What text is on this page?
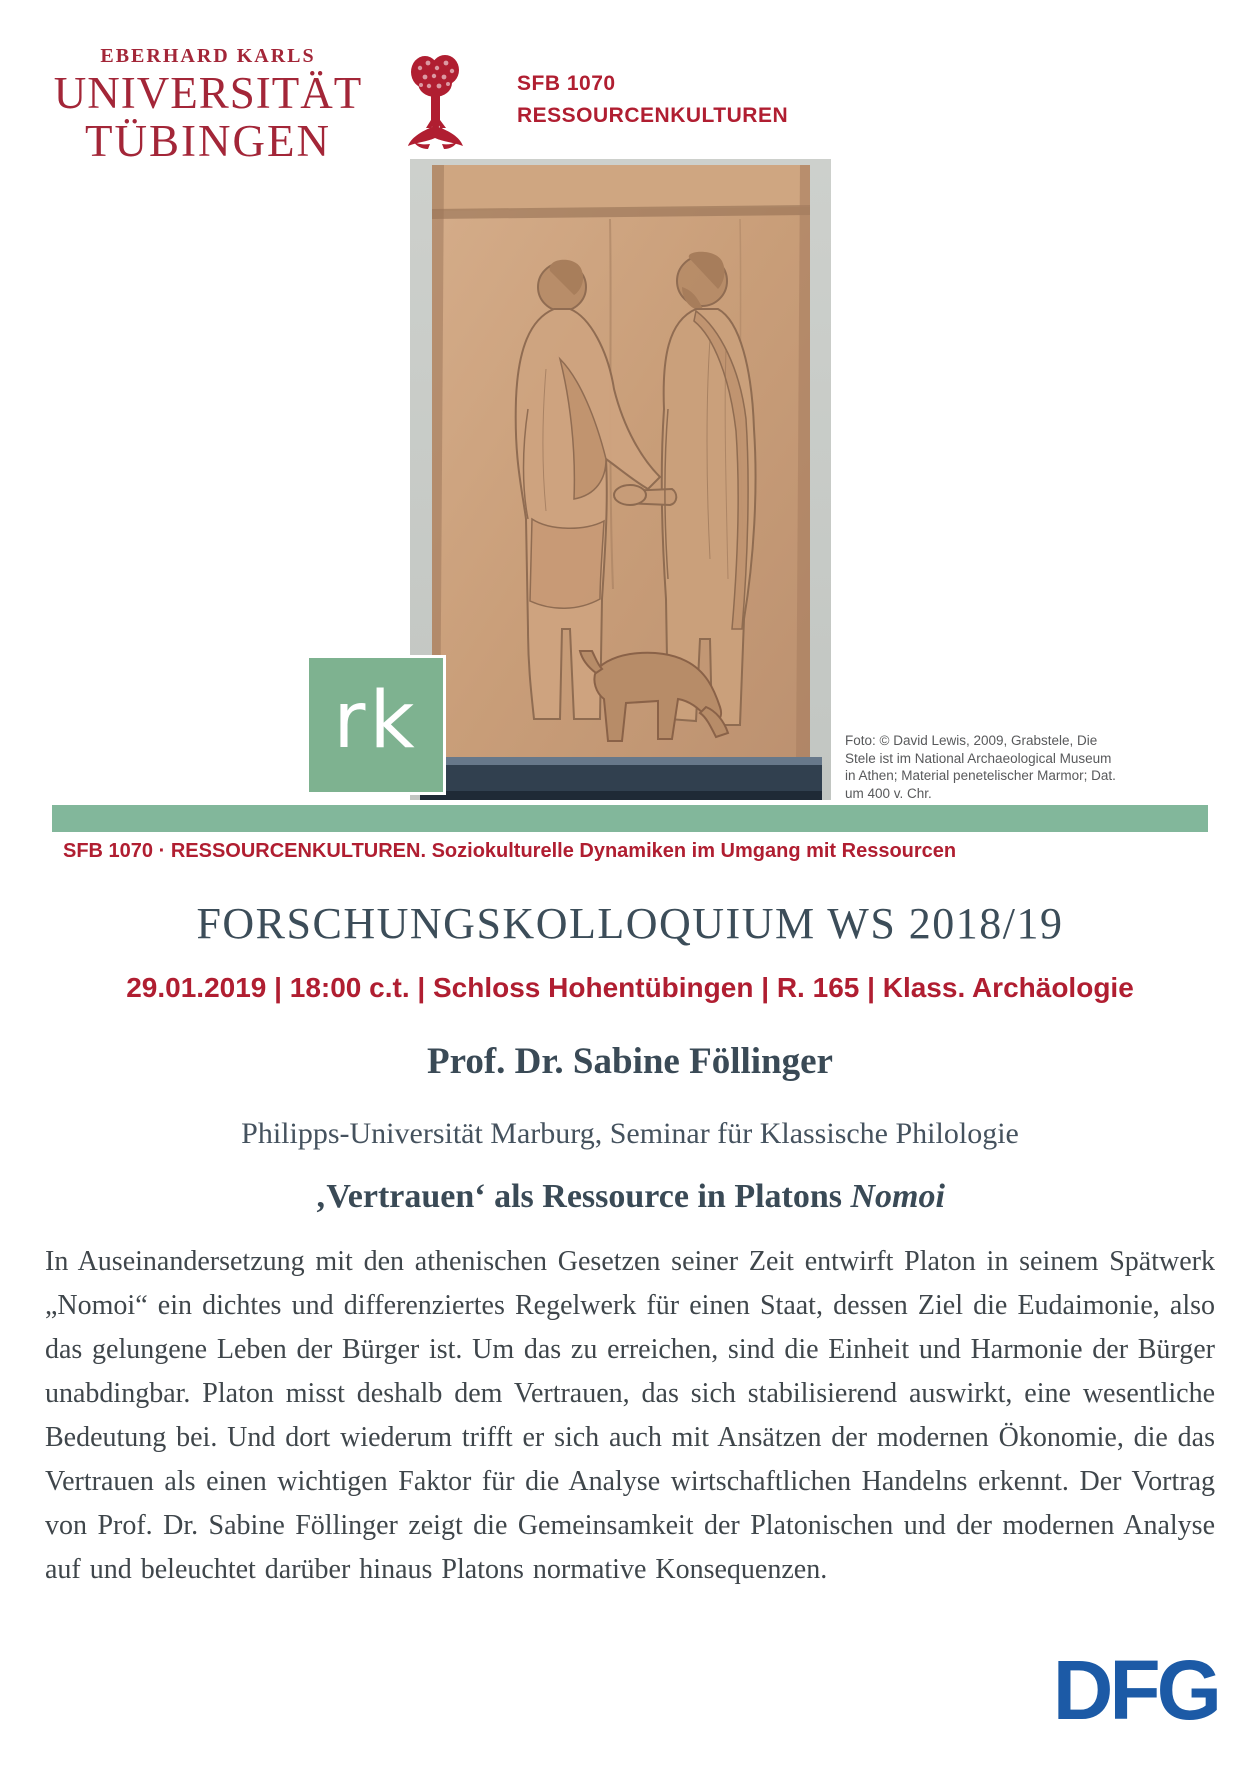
EBERHARD KARLS
UNIVERSITÄT
TÜBINGEN
SFB 1070
RESSOURCENKULTUREN
rk	Foto: © David Lewis, 2009, Grabstele, Die
Stele ist im National Archaeological Museum
in Athen; Material penetelischer Marmor; Dat.
um 400 v. Chr.
SFB 1070 · RESSOURCENKULTUREN. Soziokulturelle Dynamiken im Umgang mit Ressourcen
FORSCHUNGSKOLLOQUIUM WS 2018/19
29.01.2019 | 18:00 c.t. | Schloss Hohentübingen | R. 165 | Klass. Archäologie
Prof. Dr. Sabine Föllinger
Philipps-Universität Marburg, Seminar für Klassische Philologie
‚Vertrauen‘ als Ressource in Platons Nomoi
In Auseinandersetzung mit den athenischen Gesetzen seiner Zeit entwirft Platon in seinem Spätwerk „Nomoi“ ein dichtes und differenziertes Regelwerk für einen Staat, dessen Ziel die Eudaimonie, also das gelungene Leben der Bürger ist. Um das zu erreichen, sind die Einheit und Harmonie der Bürger unabdingbar. Platon misst deshalb dem Vertrauen, das sich stabilisierend auswirkt, eine wesentliche Bedeutung bei. Und dort wiederum trifft er sich auch mit Ansätzen der modernen Ökonomie, die das Vertrauen als einen wichtigen Faktor für die Analyse wirtschaftlichen Handelns erkennt. Der Vortrag von Prof. Dr. Sabine Föllinger zeigt die Gemeinsamkeit der Platonischen und der modernen Analyse auf und beleuchtet darüber hinaus Platons normative Konsequenzen.
DFG
